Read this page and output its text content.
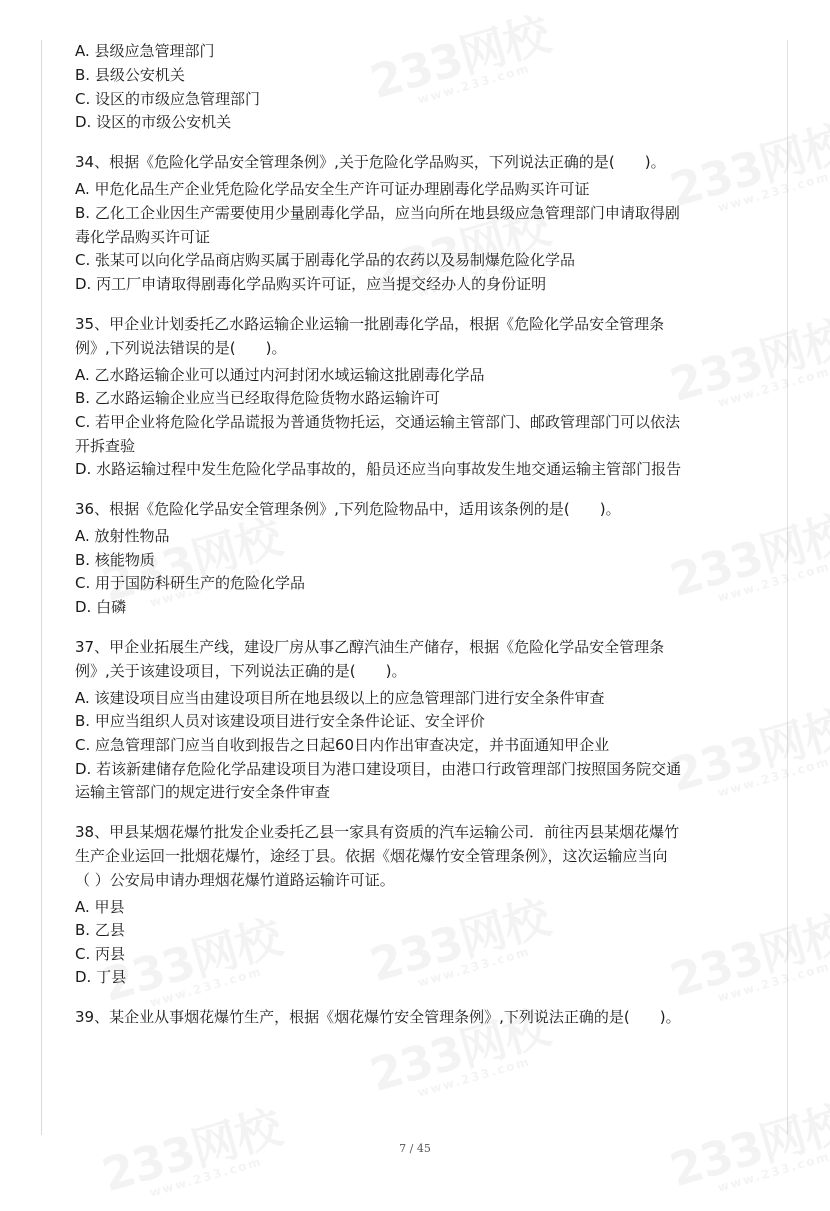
A. 县级应急管理部门
B. 县级公安机关
C. 设区的市级应急管理部门
D. 设区的市级公安机关
34、根据《危险化学品安全管理条例》,关于危险化学品购买，下列说法正确的是(　　)。
A. 甲危化品生产企业凭危险化学品安全生产许可证办理剧毒化学品购买许可证
B. 乙化工企业因生产需要使用少量剧毒化学品，应当向所在地县级应急管理部门申请取得剧
毒化学品购买许可证
C. 张某可以向化学品商店购买属于剧毒化学品的农药以及易制爆危险化学品
D. 丙工厂申请取得剧毒化学品购买许可证，应当提交经办人的身份证明
35、甲企业计划委托乙水路运输企业运输一批剧毒化学品，根据《危险化学品安全管理条
例》,下列说法错误的是(　　)。
A. 乙水路运输企业可以通过内河封闭水域运输这批剧毒化学品
B. 乙水路运输企业应当已经取得危险货物水路运输许可
C. 若甲企业将危险化学品谎报为普通货物托运，交通运输主管部门、邮政管理部门可以依法
开拆查验
D. 水路运输过程中发生危险化学品事故的，船员还应当向事故发生地交通运输主管部门报告
36、根据《危险化学品安全管理条例》,下列危险物品中，适用该条例的是(　　)。
A. 放射性物品
B. 核能物质
C. 用于国防科研生产的危险化学品
D. 白磷
37、甲企业拓展生产线，建设厂房从事乙醇汽油生产储存，根据《危险化学品安全管理条
例》,关于该建设项目，下列说法正确的是(　　)。
A. 该建设项目应当由建设项目所在地县级以上的应急管理部门进行安全条件审查
B. 甲应当组织人员对该建设项目进行安全条件论证、安全评价
C. 应急管理部门应当自收到报告之日起60日内作出审查决定，并书面通知甲企业
D. 若该新建储存危险化学品建设项目为港口建设项目，由港口行政管理部门按照国务院交通
运输主管部门的规定进行安全条件审查
38、甲县某烟花爆竹批发企业委托乙县一家具有资质的汽车运输公司．前往丙县某烟花爆竹
生产企业运回一批烟花爆竹，途经丁县。依据《烟花爆竹安全管理条例》，这次运输应当向
（ ）公安局申请办理烟花爆竹道路运输许可证。
A. 甲县
B. 乙县
C. 丙县
D. 丁县
39、某企业从事烟花爆竹生产，根据《烟花爆竹安全管理条例》,下列说法正确的是(　　)。
7 / 45
